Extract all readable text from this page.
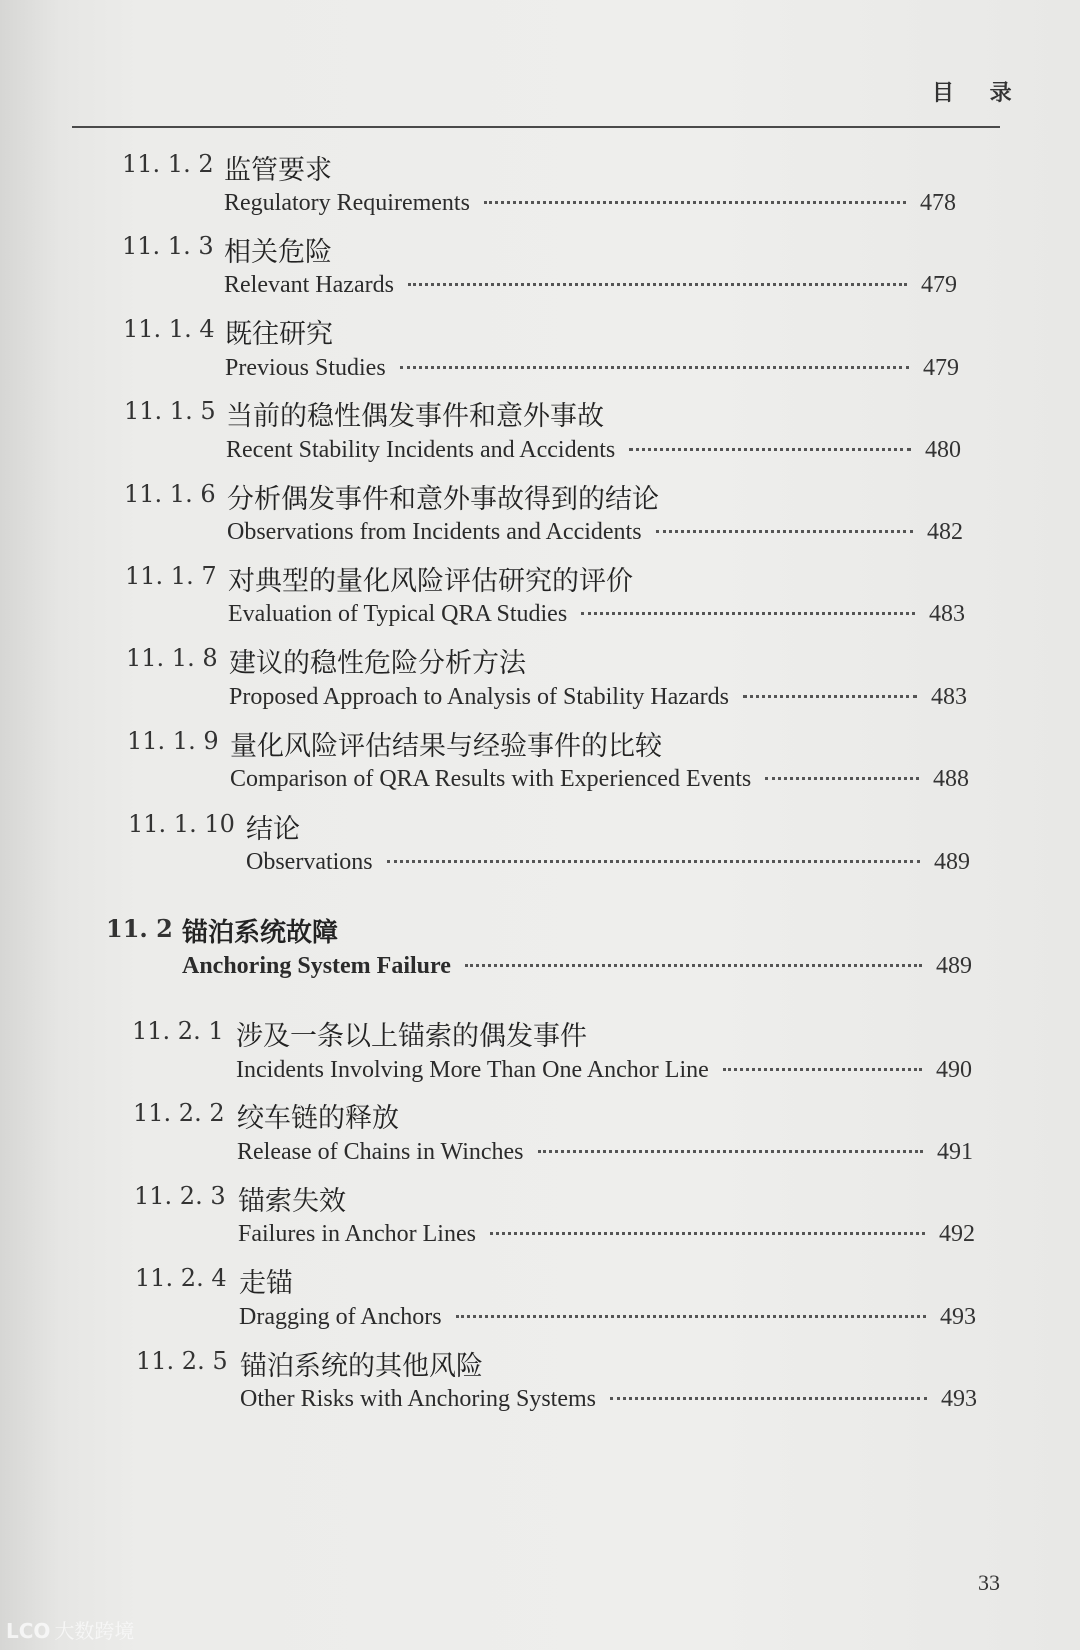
目 录
11. 1. 2 监管要求
Regulatory Requirements	478
11. 1. 3 相关危险
Relevant Hazards	479
11. 1. 4 既往研究
Previous Studies	479
11. 1. 5 当前的稳性偶发事件和意外事故
Recent Stability Incidents and Accidents	480
11. 1. 6 分析偶发事件和意外事故得到的结论
Observations from Incidents and Accidents	482
11. 1. 7 对典型的量化风险评估研究的评价
Evaluation of Typical QRA Studies	483
11. 1. 8 建议的稳性危险分析方法
Proposed Approach to Analysis of Stability Hazards	483
11. 1. 9 量化风险评估结果与经验事件的比较
Comparison of QRA Results with Experienced Events	488
11. 1. 10 结论
Observations	489
11. 2 锚泊系统故障
Anchoring System Failure	489
11. 2. 1 涉及一条以上锚索的偶发事件
Incidents Involving More Than One Anchor Line	490
11. 2. 2 绞车链的释放
Release of Chains in Winches	491
11. 2. 3 锚索失效
Failures in Anchor Lines	492
11. 2. 4 走锚
Dragging of Anchors	493
11. 2. 5 锚泊系统的其他风险
Other Risks with Anchoring Systems	493
33
LCO 大数跨境
